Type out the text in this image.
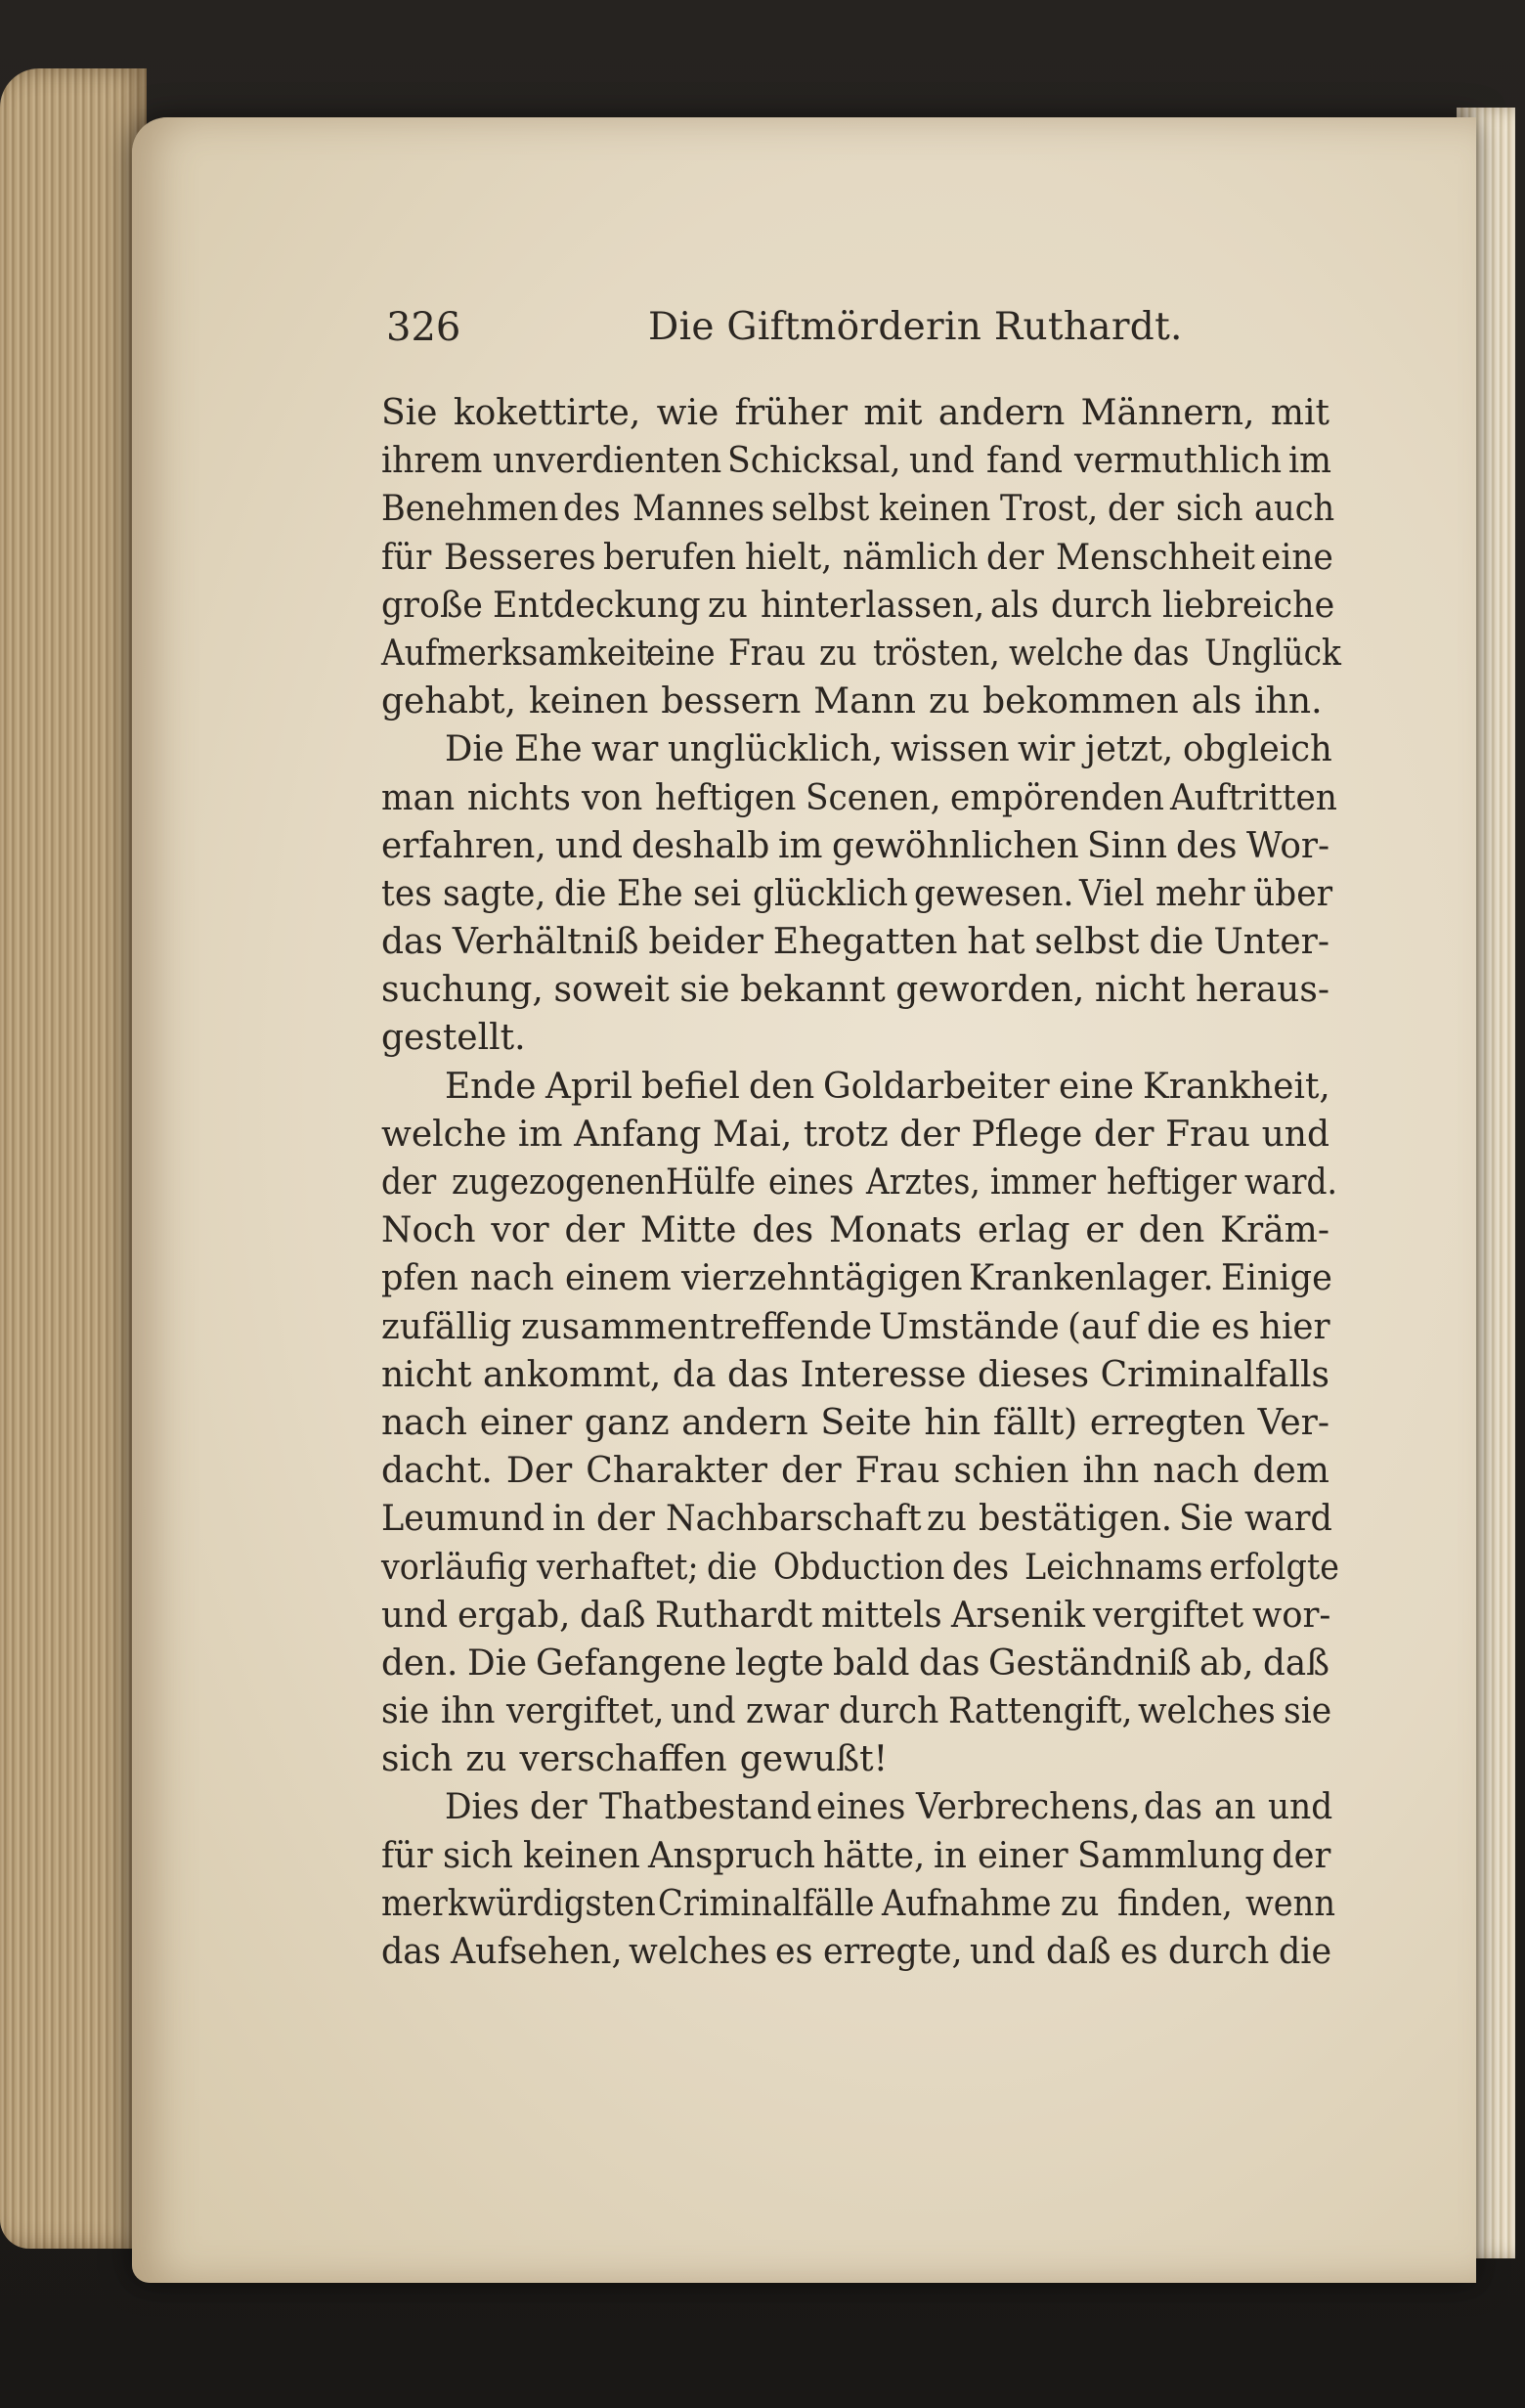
326	Die Giftmörderin Ruthardt.
Sie kokettirte, wie früher mit andern Männern, mit
ihrem unverdienten Schicksal, und fand vermuthlich im
Benehmen des Mannes selbst keinen Trost, der sich auch
für Besseres berufen hielt, nämlich der Menschheit eine
große Entdeckung zu hinterlassen, als durch liebreiche
Aufmerksamkeit
eine Frau zu trösten, welche das Unglück
gehabt, keinen bessern Mann zu bekommen als ihn.
Die Ehe war unglücklich, wissen wir jetzt, obgleich
man nichts von heftigen Scenen, empörenden Auftritten
erfahren, und deshalb im gewöhnlichen Sinn des Wor-
tes sagte, die Ehe sei glücklich gewesen. Viel mehr über
das Verhältniß beider Ehegatten hat selbst die Unter-
suchung, soweit sie bekannt geworden, nicht heraus-
gestellt.
Ende April befiel den Goldarbeiter eine Krankheit,
welche im Anfang Mai, trotz der Pflege der Frau und
der zugezogenen Hülfe eines Arztes, immer heftiger ward.
Noch vor der Mitte des Monats erlag er den Kräm-
pfen nach einem vierzehntägigen Krankenlager. Einige
zufällig zusammentreffende Umstände (auf die es hier
nicht ankommt, da das Interesse dieses Criminalfalls
nach einer ganz andern Seite hin fällt) erregten Ver-
dacht. Der Charakter der Frau schien ihn nach dem
Leumund in der Nachbarschaft zu bestätigen. Sie ward
vorläufig verhaftet; die Obduction des Leichnams erfolgte
und ergab, daß Ruthardt mittels Arsenik vergiftet wor-
den. Die Gefangene legte bald das Geständniß ab, daß
sie ihn vergiftet, und zwar durch Rattengift, welches sie
sich zu verschaffen gewußt!
Dies der Thatbestand eines Verbrechens, das an und
für sich keinen Anspruch hätte, in einer Sammlung der
merkwürdigsten Criminalfälle Aufnahme zu finden, wenn
das Aufsehen, welches es erregte, und daß es durch die
